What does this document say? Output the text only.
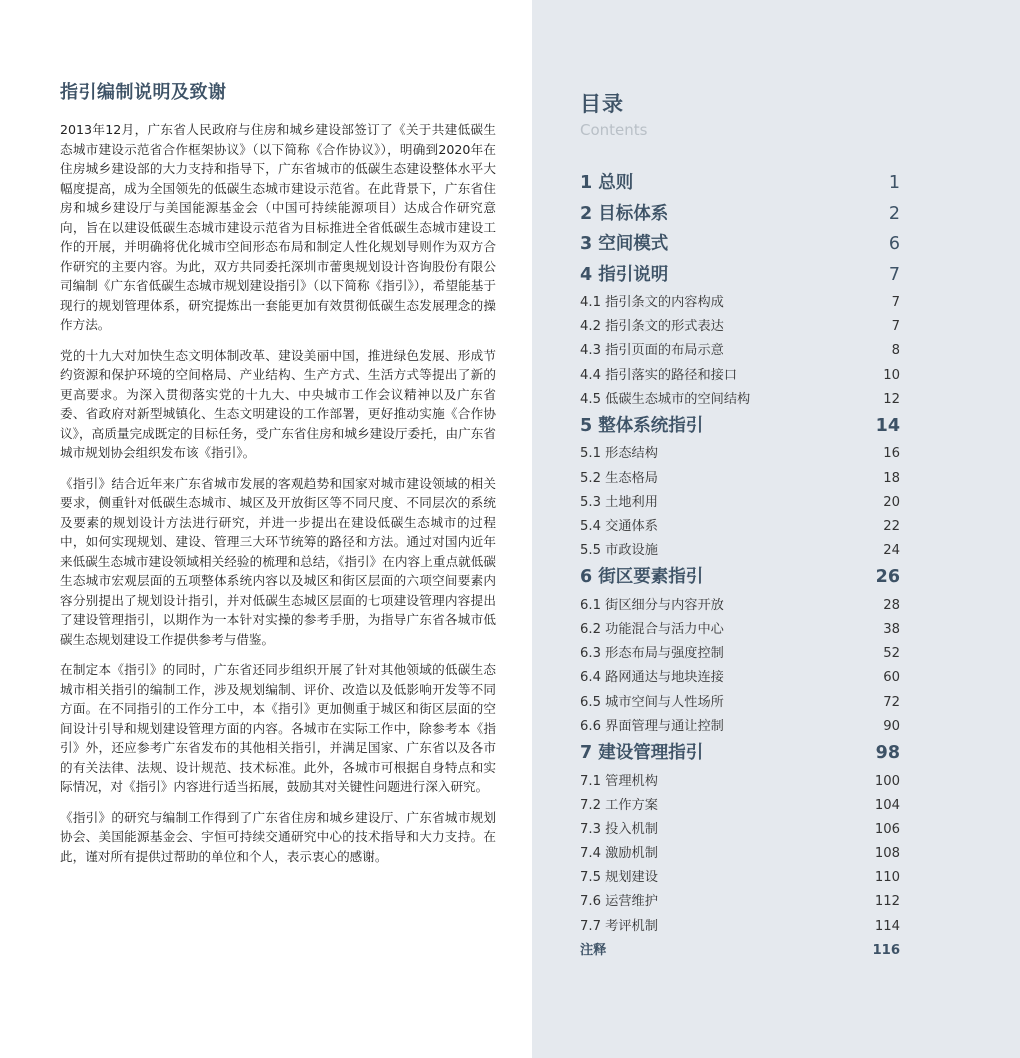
指引编制说明及致谢

2013年12月，广东省人民政府与住房和城乡建设部签订了《关于共建低碳生态城市建设示范省合作框架协议》（以下简称《合作协议》），明确到2020年在住房城乡建设部的大力支持和指导下，广东省城市的低碳生态建设整体水平大幅度提高，成为全国领先的低碳生态城市建设示范省。在此背景下，广东省住房和城乡建设厅与美国能源基金会（中国可持续能源项目）达成合作研究意向，旨在以建设低碳生态城市建设示范省为目标推进全省低碳生态城市建设工作的开展，并明确将优化城市空间形态布局和制定人性化规划导则作为双方合作研究的主要内容。为此，双方共同委托深圳市蕾奥规划设计咨询股份有限公司编制《广东省低碳生态城市规划建设指引》（以下简称《指引》），希望能基于现行的规划管理体系，研究提炼出一套能更加有效贯彻低碳生态发展理念的操作方法。

党的十九大对加快生态文明体制改革、建设美丽中国，推进绿色发展、形成节约资源和保护环境的空间格局、产业结构、生产方式、生活方式等提出了新的更高要求。为深入贯彻落实党的十九大、中央城市工作会议精神以及广东省委、省政府对新型城镇化、生态文明建设的工作部署，更好推动实施《合作协议》，高质量完成既定的目标任务，受广东省住房和城乡建设厅委托，由广东省城市规划协会组织发布该《指引》。

《指引》结合近年来广东省城市发展的客观趋势和国家对城市建设领域的相关要求，侧重针对低碳生态城市、城区及开放街区等不同尺度、不同层次的系统及要素的规划设计方法进行研究，并进一步提出在建设低碳生态城市的过程中，如何实现规划、建设、管理三大环节统筹的路径和方法。通过对国内近年来低碳生态城市建设领域相关经验的梳理和总结，《指引》在内容上重点就低碳生态城市宏观层面的五项整体系统内容以及城区和街区层面的六项空间要素内容分别提出了规划设计指引，并对低碳生态城区层面的七项建设管理内容提出了建设管理指引，以期作为一本针对实操的参考手册，为指导广东省各城市低碳生态规划建设工作提供参考与借鉴。

在制定本《指引》的同时，广东省还同步组织开展了针对其他领域的低碳生态城市相关指引的编制工作，涉及规划编制、评价、改造以及低影响开发等不同方面。在不同指引的工作分工中，本《指引》更加侧重于城区和街区层面的空间设计引导和规划建设管理方面的内容。各城市在实际工作中，除参考本《指引》外，还应参考广东省发布的其他相关指引，并满足国家、广东省以及各市的有关法律、法规、设计规范、技术标准。此外，各城市可根据自身特点和实际情况，对《指引》内容进行适当拓展，鼓励其对关键性问题进行深入研究。

《指引》的研究与编制工作得到了广东省住房和城乡建设厅、广东省城市规划协会、美国能源基金会、宇恒可持续交通研究中心的技术指导和大力支持。在此，谨对所有提供过帮助的单位和个人，表示衷心的感谢。

目录
Contents
1 总则	1
2 目标体系	2
3 空间模式	6
4 指引说明	7
4.1 指引条文的内容构成	7
4.2 指引条文的形式表达	7
4.3 指引页面的布局示意	8
4.4 指引落实的路径和接口	10
4.5 低碳生态城市的空间结构	12
5 整体系统指引	14
5.1 形态结构	16
5.2 生态格局	18
5.3 土地利用	20
5.4 交通体系	22
5.5 市政设施	24
6 街区要素指引	26
6.1 街区细分与内容开放	28
6.2 功能混合与活力中心	38
6.3 形态布局与强度控制	52
6.4 路网通达与地块连接	60
6.5 城市空间与人性场所	72
6.6 界面管理与通让控制	90
7 建设管理指引	98
7.1 管理机构	100
7.2 工作方案	104
7.3 投入机制	106
7.4 激励机制	108
7.5 规划建设	110
7.6 运营维护	112
7.7 考评机制	114
注释	116
